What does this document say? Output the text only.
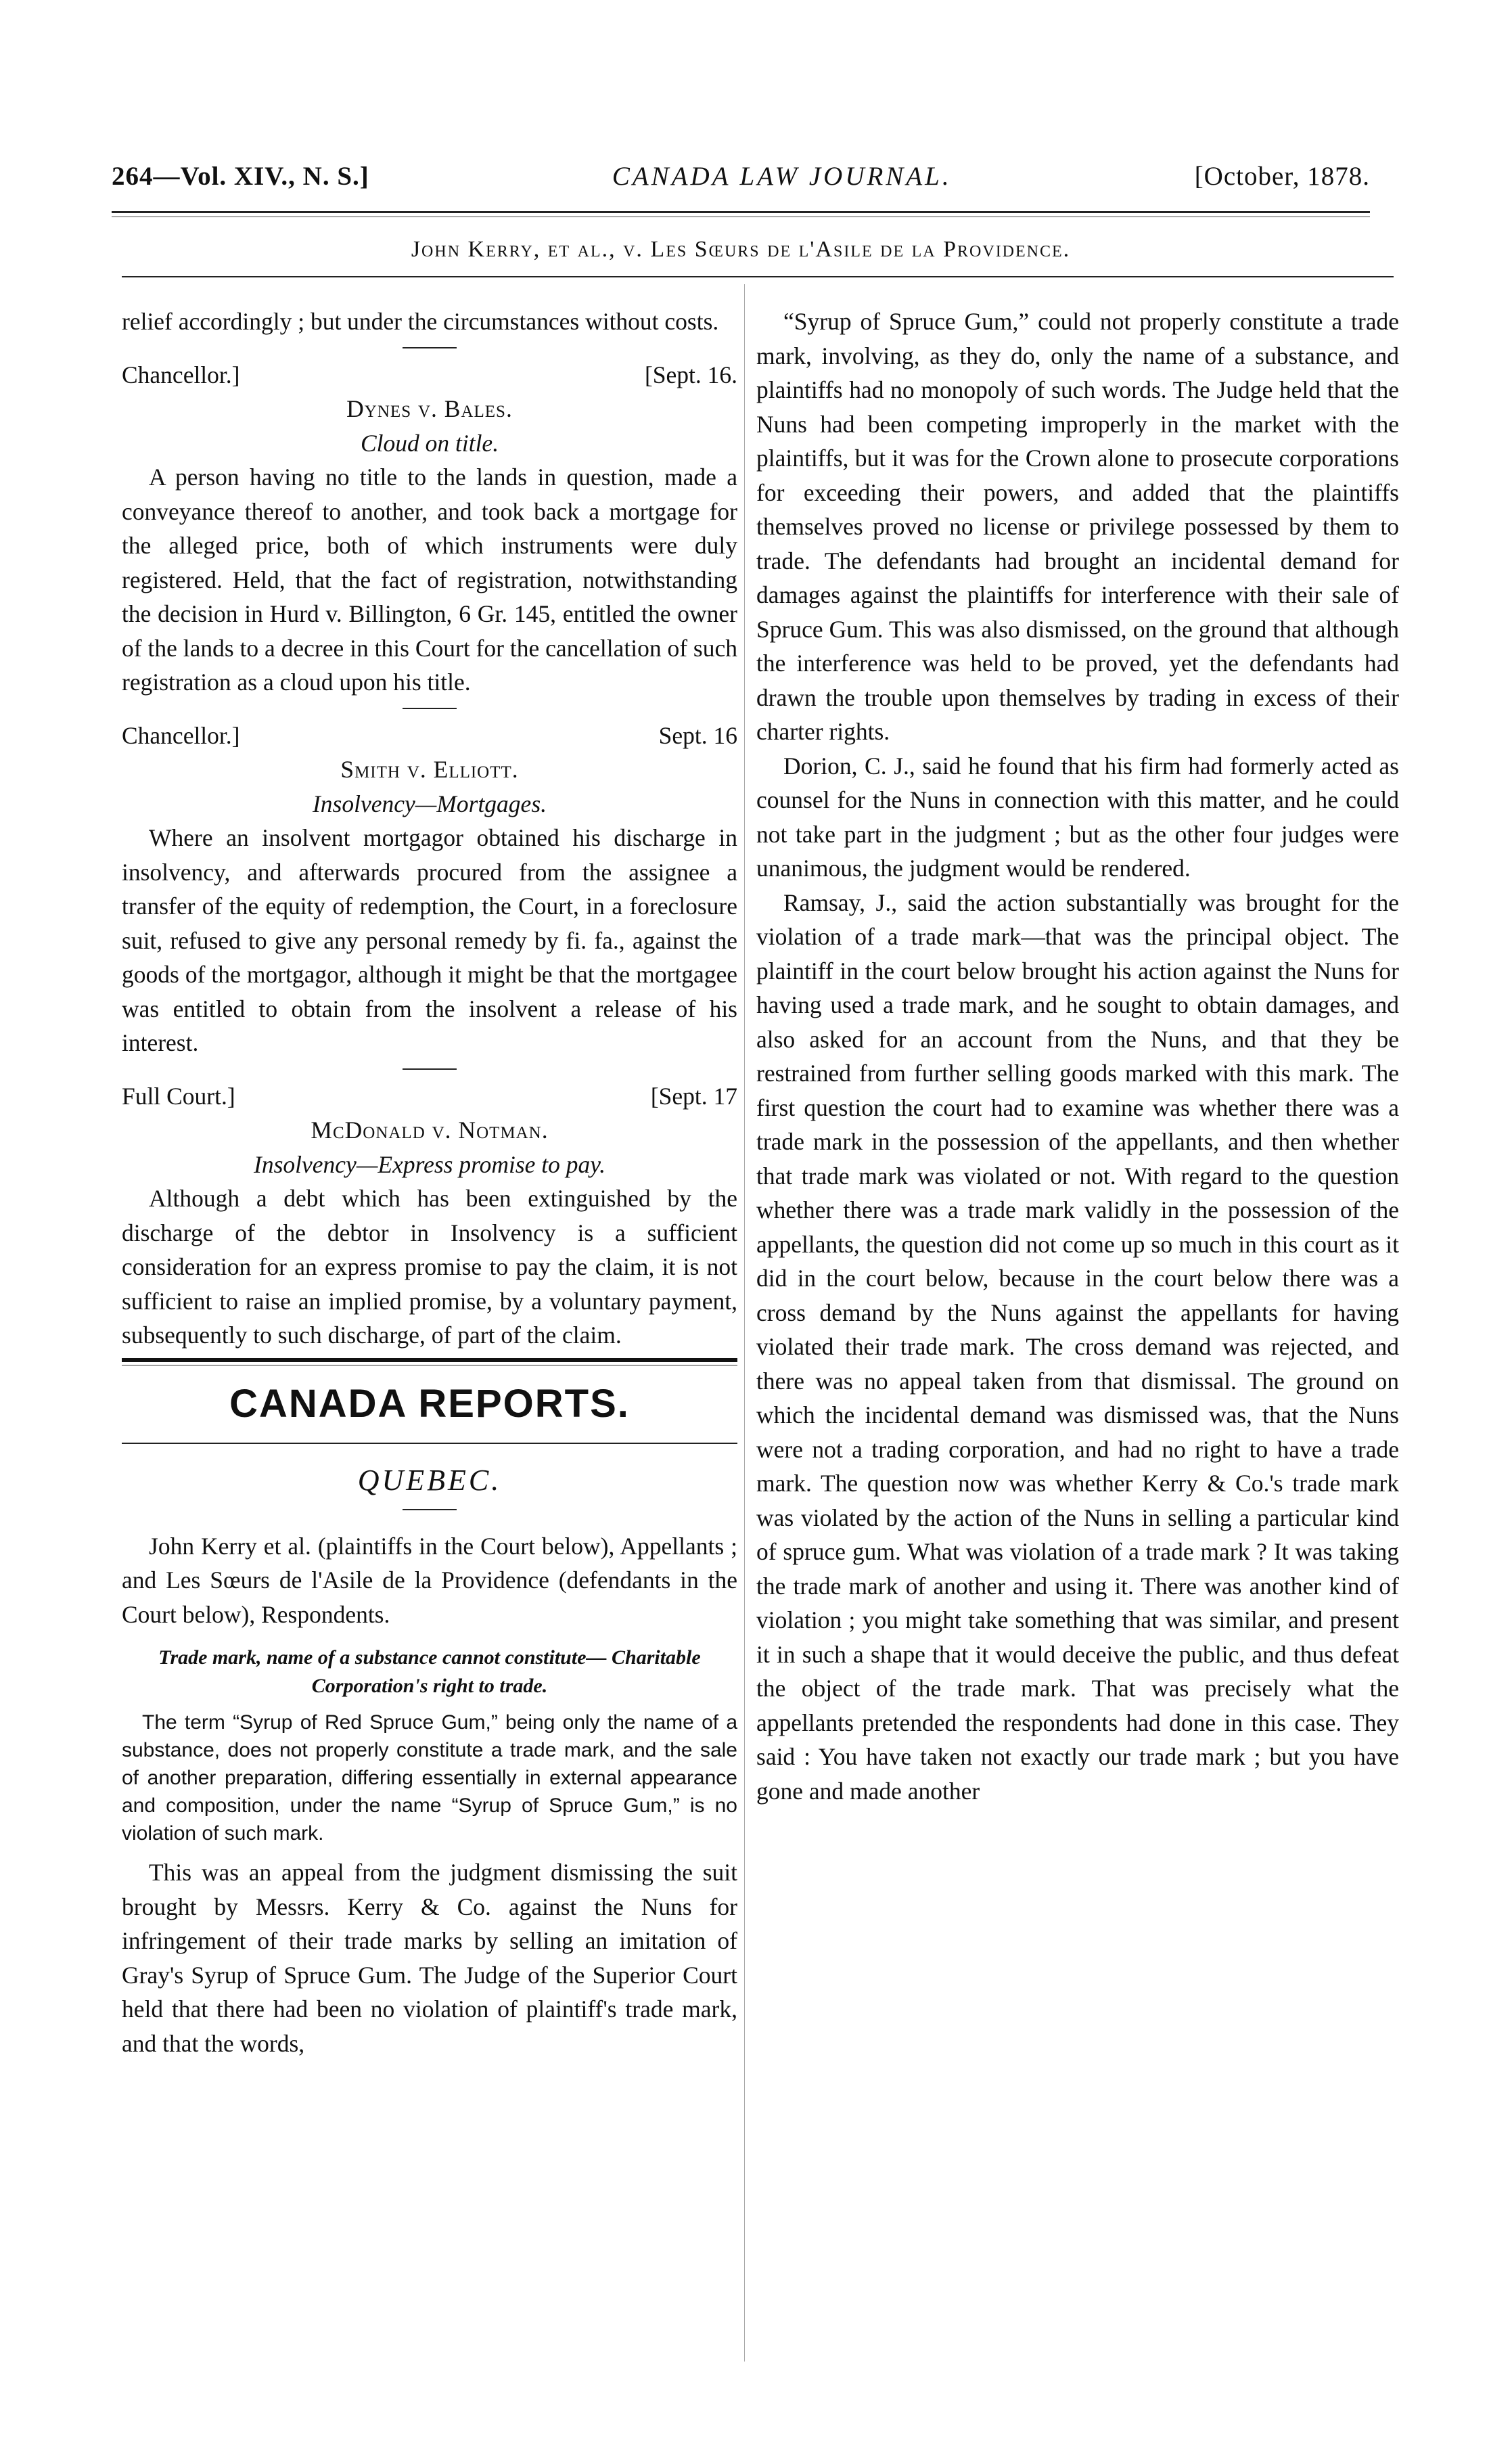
264—Vol. XIV., N. S.]	CANADA LAW JOURNAL.	[October, 1878.
John Kerry, et al., v. Les Sœurs de l'Asile de la Providence.

relief accordingly ; but under the circumstances without costs.

Chancellor.]	[Sept. 16.

Dynes v. Bales.

Cloud on title.

A person having no title to the lands in question, made a conveyance thereof to another, and took back a mortgage for the alleged price, both of which instruments were duly registered. Held, that the fact of registration, notwithstanding the decision in Hurd v. Billington, 6 Gr. 145, entitled the owner of the lands to a decree in this Court for the cancellation of such registration as a cloud upon his title.

Chancellor.]	Sept. 16

Smith v. Elliott.

Insolvency—Mortgages.

Where an insolvent mortgagor obtained his discharge in insolvency, and afterwards procured from the assignee a transfer of the equity of redemption, the Court, in a foreclosure suit, refused to give any personal remedy by fi. fa., against the goods of the mortgagor, although it might be that the mortgagee was entitled to obtain from the insolvent a release of his interest.

Full Court.]	[Sept. 17

McDonald v. Notman.

Insolvency—Express promise to pay.

Although a debt which has been extinguished by the discharge of the debtor in Insolvency is a sufficient consideration for an express promise to pay the claim, it is not sufficient to raise an implied promise, by a voluntary payment, subsequently to such discharge, of part of the claim.

CANADA REPORTS.

QUEBEC.

John Kerry et al. (plaintiffs in the Court below), Appellants ; and Les Sœurs de l'Asile de la Providence (defendants in the Court below), Respondents.

Trade mark, name of a substance cannot constitute— Charitable Corporation's right to trade.

The term “Syrup of Red Spruce Gum,” being only the name of a substance, does not properly constitute a trade mark, and the sale of another preparation, differing essentially in external appearance and composition, under the name “Syrup of Spruce Gum,” is no violation of such mark.

This was an appeal from the judgment dismissing the suit brought by Messrs. Kerry & Co. against the Nuns for infringement of their trade marks by selling an imitation of Gray's Syrup of Spruce Gum. The Judge of the Superior Court held that there had been no violation of plaintiff's trade mark, and that the words,

“Syrup of Spruce Gum,” could not properly constitute a trade mark, involving, as they do, only the name of a substance, and plaintiffs had no monopoly of such words. The Judge held that the Nuns had been competing improperly in the market with the plaintiffs, but it was for the Crown alone to prosecute corporations for exceeding their powers, and added that the plaintiffs themselves proved no license or privilege possessed by them to trade. The defendants had brought an incidental demand for damages against the plaintiffs for interference with their sale of Spruce Gum. This was also dismissed, on the ground that although the interference was held to be proved, yet the defendants had drawn the trouble upon themselves by trading in excess of their charter rights.

Dorion, C. J., said he found that his firm had formerly acted as counsel for the Nuns in connection with this matter, and he could not take part in the judgment ; but as the other four judges were unanimous, the judgment would be rendered.

Ramsay, J., said the action substantially was brought for the violation of a trade mark—that was the principal object. The plaintiff in the court below brought his action against the Nuns for having used a trade mark, and he sought to obtain damages, and also asked for an account from the Nuns, and that they be restrained from further selling goods marked with this mark. The first question the court had to examine was whether there was a trade mark in the possession of the appellants, and then whether that trade mark was violated or not. With regard to the question whether there was a trade mark validly in the possession of the appellants, the question did not come up so much in this court as it did in the court below, because in the court below there was a cross demand by the Nuns against the appellants for having violated their trade mark. The cross demand was rejected, and there was no appeal taken from that dismissal. The ground on which the incidental demand was dismissed was, that the Nuns were not a trading corporation, and had no right to have a trade mark. The question now was whether Kerry & Co.'s trade mark was violated by the action of the Nuns in selling a particular kind of spruce gum. What was violation of a trade mark ? It was taking the trade mark of another and using it. There was another kind of violation ; you might take something that was similar, and present it in such a shape that it would deceive the public, and thus defeat the object of the trade mark. That was precisely what the appellants pretended the respondents had done in this case. They said : You have taken not exactly our trade mark ; but you have gone and made another
